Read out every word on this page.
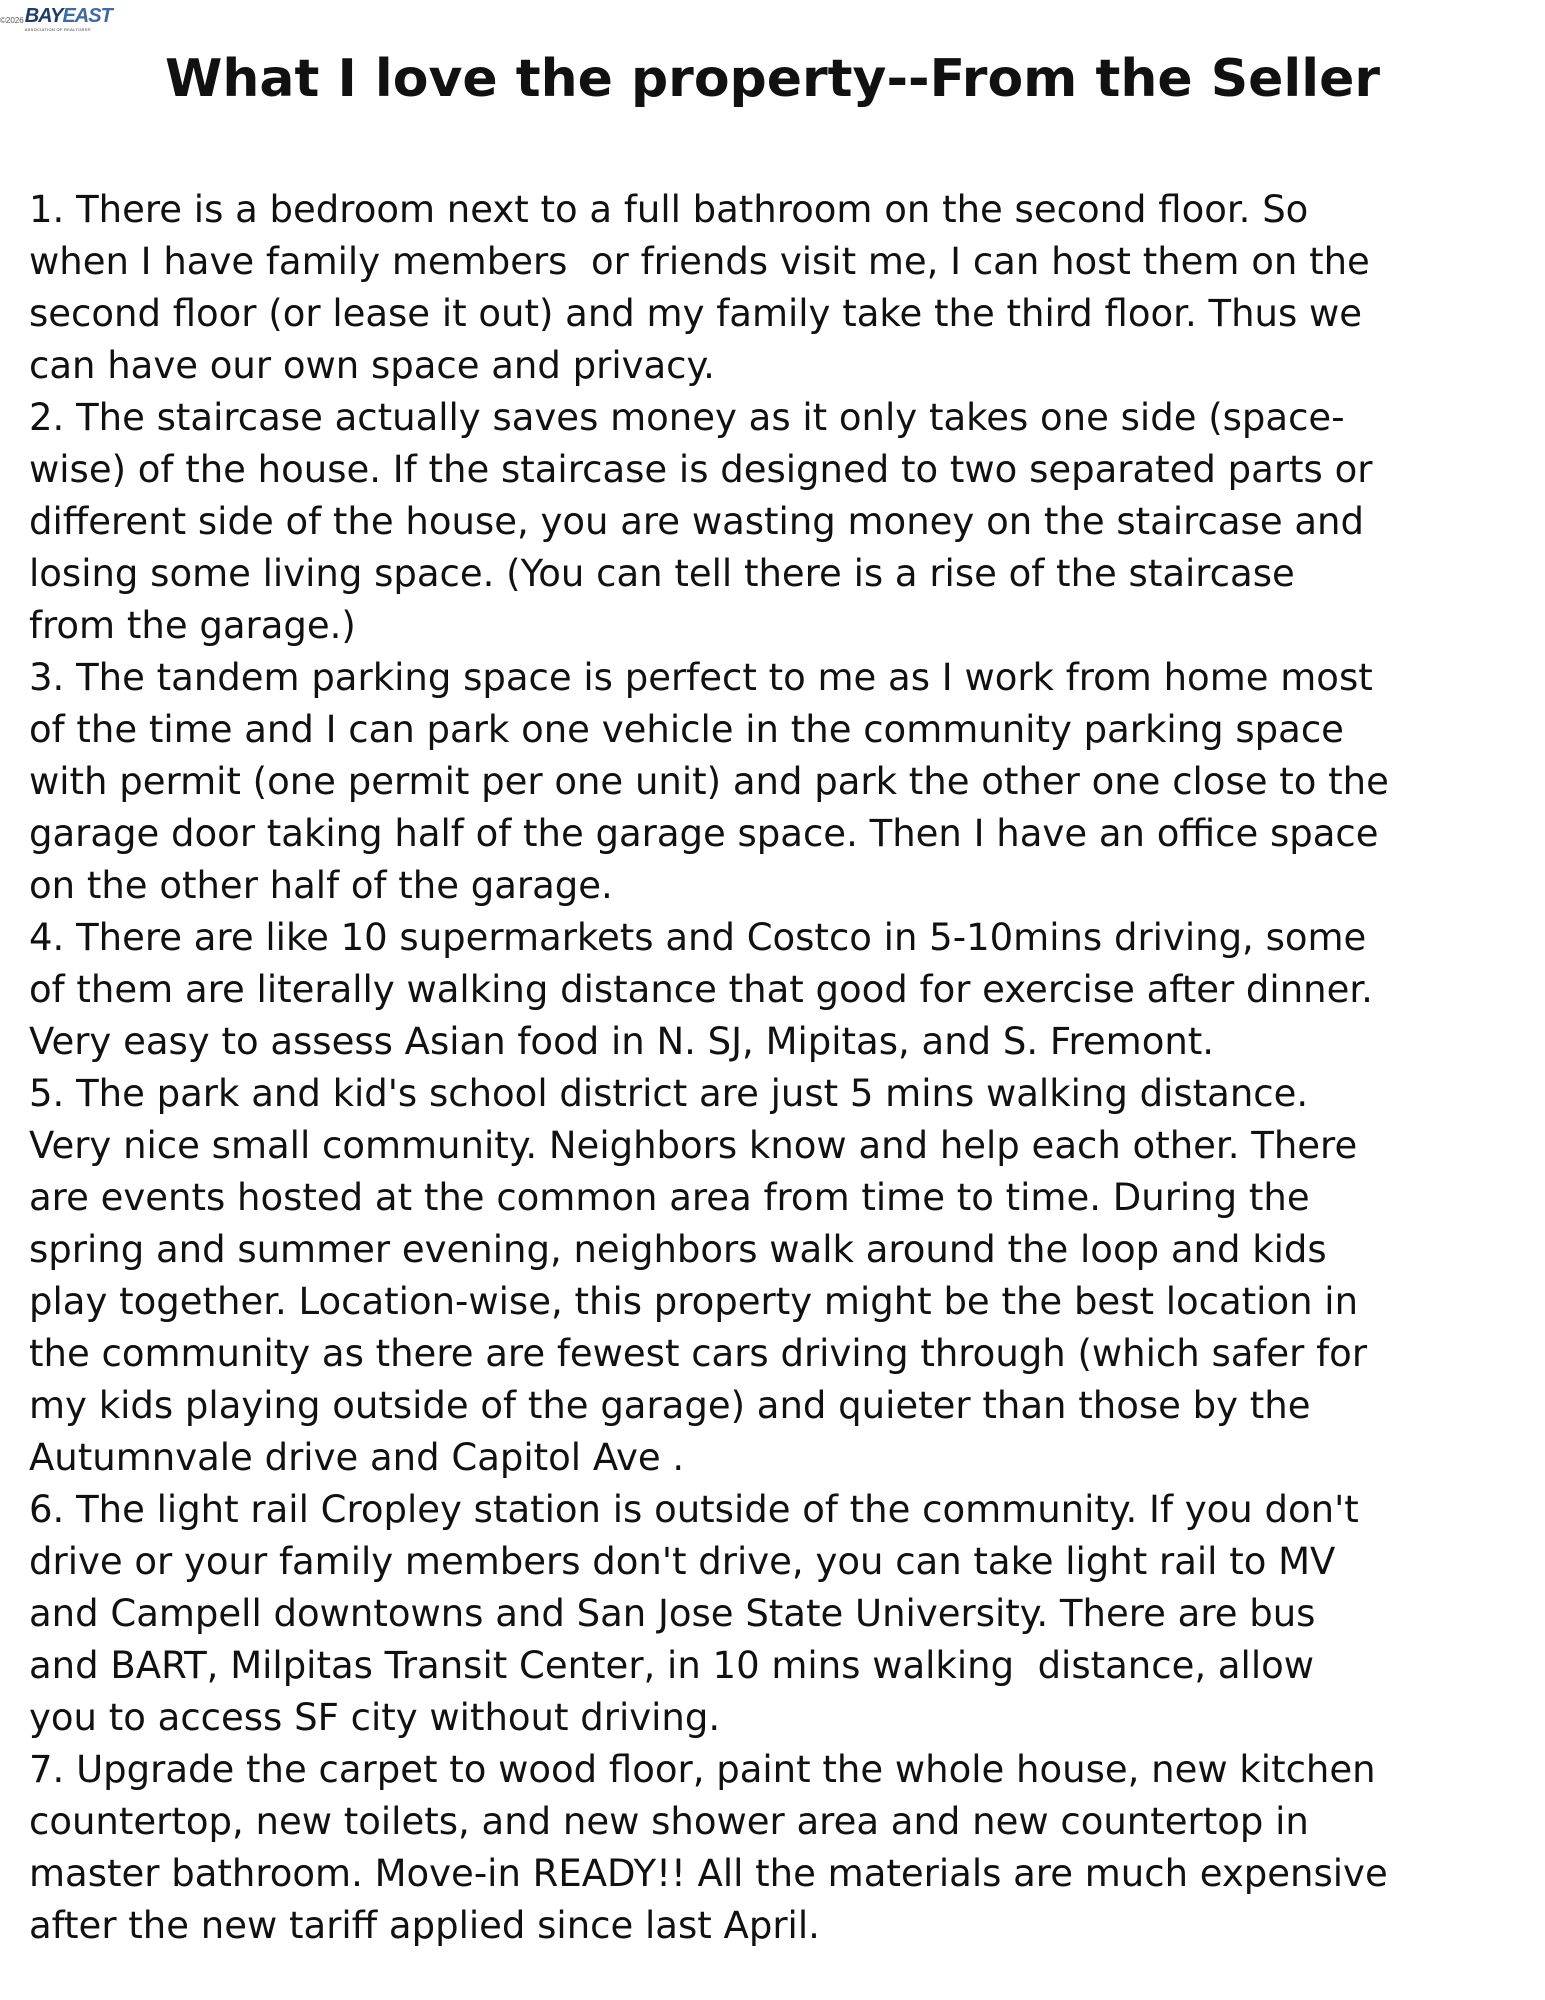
©2026 BAYEAST
ASSOCIATION OF REALTORS®
What I love the property--From the Seller
1. There is a bedroom next to a full bathroom on the second floor. So
when I have family members  or friends visit me, I can host them on the
second floor (or lease it out) and my family take the third floor. Thus we
can have our own space and privacy.
2. The staircase actually saves money as it only takes one side (space-
wise) of the house. If the staircase is designed to two separated parts or
different side of the house, you are wasting money on the staircase and
losing some living space. (You can tell there is a rise of the staircase
from the garage.)
3. The tandem parking space is perfect to me as I work from home most
of the time and I can park one vehicle in the community parking space
with permit (one permit per one unit) and park the other one close to the
garage door taking half of the garage space. Then I have an office space
on the other half of the garage.
4. There are like 10 supermarkets and Costco in 5-10mins driving, some
of them are literally walking distance that good for exercise after dinner.
Very easy to assess Asian food in N. SJ, Mipitas, and S. Fremont.
5. The park and kid's school district are just 5 mins walking distance.
Very nice small community. Neighbors know and help each other. There
are events hosted at the common area from time to time. During the
spring and summer evening, neighbors walk around the loop and kids
play together. Location-wise, this property might be the best location in
the community as there are fewest cars driving through (which safer for
my kids playing outside of the garage) and quieter than those by the
Autumnvale drive and Capitol Ave .
6. The light rail Cropley station is outside of the community. If you don't
drive or your family members don't drive, you can take light rail to MV
and Campell downtowns and San Jose State University. There are bus
and BART, Milpitas Transit Center, in 10 mins walking  distance, allow
you to access SF city without driving.
7. Upgrade the carpet to wood floor, paint the whole house, new kitchen
countertop, new toilets, and new shower area and new countertop in
master bathroom. Move-in READY!! All the materials are much expensive
after the new tariff applied since last April.
